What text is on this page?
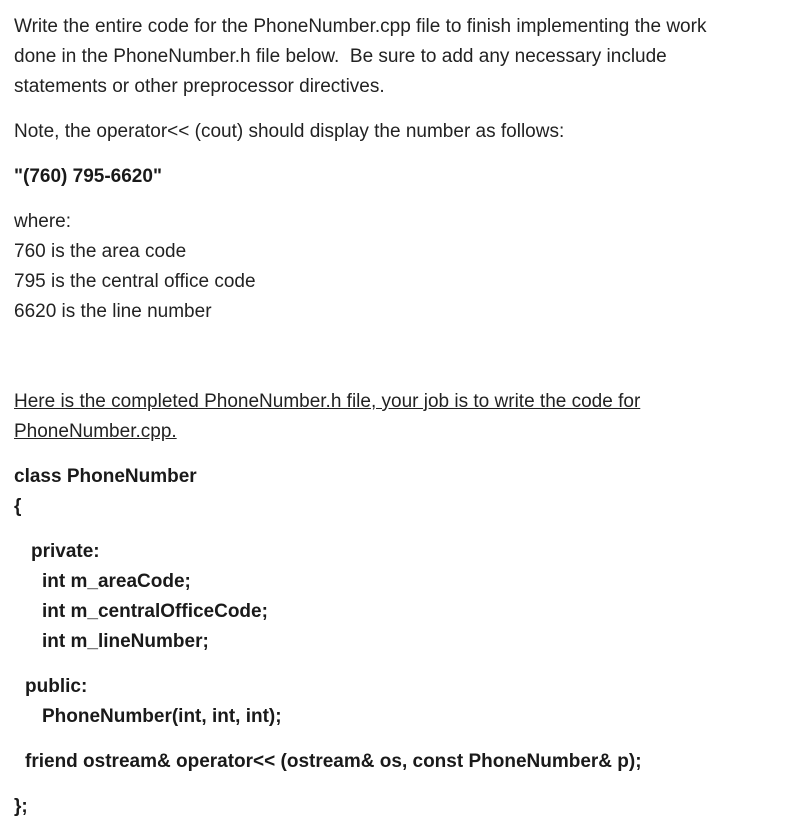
Write the entire code for the PhoneNumber.cpp file to finish implementing the work
done in the PhoneNumber.h file below.  Be sure to add any necessary include
statements or other preprocessor directives.
Note, the operator<< (cout) should display the number as follows:
"(760) 795-6620"
where:
760 is the area code
795 is the central office code
6620 is the line number
Here is the completed PhoneNumber.h file, your job is to write the code for
PhoneNumber.cpp.
class PhoneNumber
{
private:
int m_areaCode;
int m_centralOfficeCode;
int m_lineNumber;
public:
PhoneNumber(int, int, int);
friend ostream& operator<< (ostream& os, const PhoneNumber& p);
};
